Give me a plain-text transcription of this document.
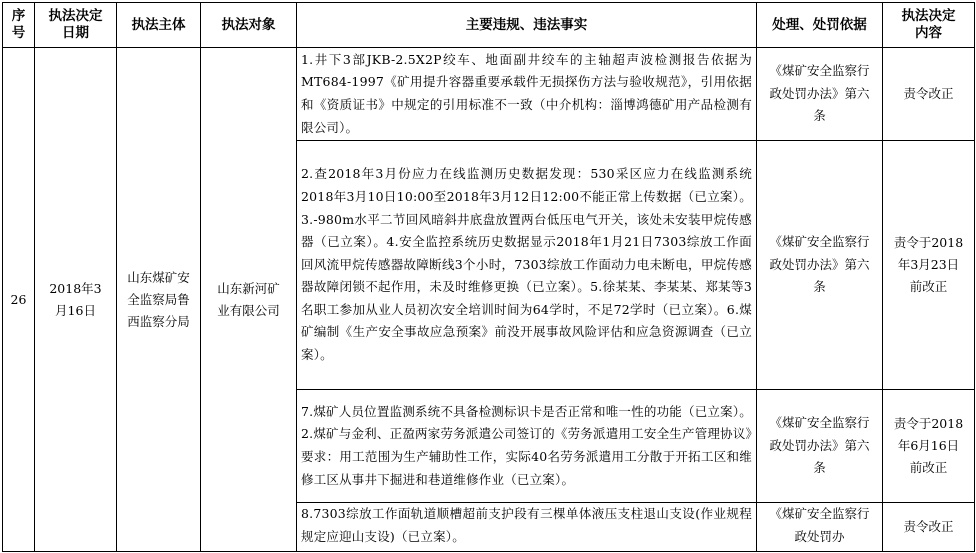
序号	执法决定日期	执法主体	执法对象	主要违规、违法事实	处理、处罚依据	执法决定内容
26	2018年3月16日	山东煤矿安全监察局鲁西监察分局	山东新河矿业有限公司	1.井下3部JKB-2.5X2P绞车、地面副井绞车的主轴超声波检测报告依据为MT684-1997《矿用提升容器重要承载件无损探伤方法与验收规范》，引用依据和《资质证书》中规定的引用标准不一致（中介机构：淄博鸿德矿用产品检测有限公司）。	《煤矿安全监察行政处罚办法》第六条	责令改正
				2.查2018年3月份应力在线监测历史数据发现：530采区应力在线监测系统2018年3月10日10:00至2018年3月12日12:00不能正常上传数据（已立案）。3.-980m水平二节回风暗斜井底盘放置两台低压电气开关，该处未安装甲烷传感器（已立案）。4.安全监控系统历史数据显示2018年1月21日7303综放工作面回风流甲烷传感器故障断线3个小时，7303综放工作面动力电未断电，甲烷传感器故障闭锁不起作用，未及时维修更换（已立案）。5.徐某某、李某某、郑某等3名职工参加从业人员初次安全培训时间为64学时，不足72学时（已立案）。6.煤矿编制《生产安全事故应急预案》前没开展事故风险评估和应急资源调查（已立案）。	《煤矿安全监察行政处罚办法》第六条	责令于2018年3月23日前改正
				7.煤矿人员位置监测系统不具备检测标识卡是否正常和唯一性的功能（已立案）。2.煤矿与金利、正盈两家劳务派遣公司签订的《劳务派遣用工安全生产管理协议》要求：用工范围为生产辅助性工作，实际40名劳务派遣用工分散于开拓工区和维修工区从事井下掘进和巷道维修作业（已立案）。	《煤矿安全监察行政处罚办法》第六条	责令于2018年6月16日前改正
				8.7303综放工作面轨道顺槽超前支护段有三棵单体液压支柱退山支设(作业规程规定应迎山支设)（已立案）。	《煤矿安全监察行政处罚办	责令改正
